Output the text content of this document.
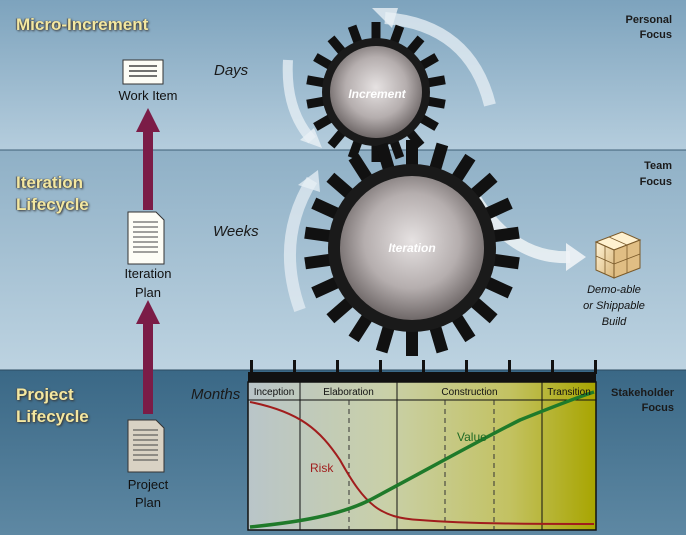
Micro-Increment
Iteration
Lifecycle
Project
Lifecycle
Personal
Focus
Team
Focus
Stakeholder
Focus
Days
Weeks
Months
Work Item
Iteration
Plan
Project
Plan
Increment
Iteration
Demo-able
or Shippable
Build
Inception	Elaboration	Construction	Transition
Risk
Value
